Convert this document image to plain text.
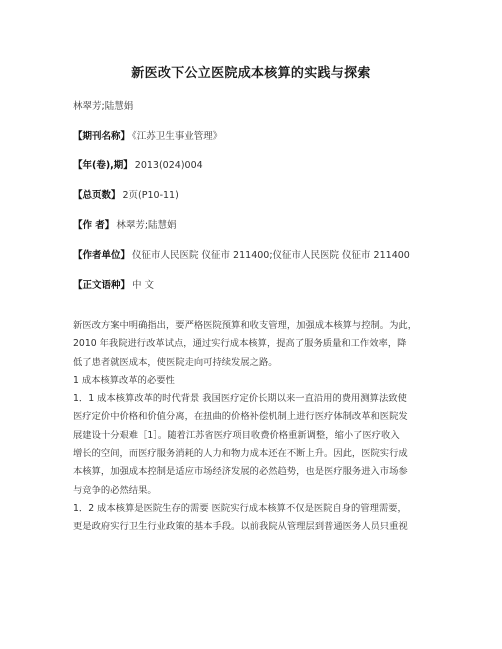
新医改下公立医院成本核算的实践与探索
林翠芳;陆慧娟
【期刊名称】 《江苏卫生事业管理》
【年(卷),期】 2013(024)004
【总页数】 2页(P10-11)
【作 者】 林翠芳;陆慧娟
【作者单位】 仪征市人民医院 仪征市 211400;仪征市人民医院 仪征市 211400
【正文语种】 中 文
新医改方案中明确指出，要严格医院预算和收支管理，加强成本核算与控制。为此，
2010 年我院进行改革试点，通过实行成本核算，提高了服务质量和工作效率，降
低了患者就医成本，使医院走向可持续发展之路。
1 成本核算改革的必要性
1．1 成本核算改革的时代背景 我国医疗定价长期以来一直沿用的费用测算法致使
医疗定价中价格和价值分离，在扭曲的价格补偿机制上进行医疗体制改革和医院发
展建设十分艰难［1］。随着江苏省医疗项目收费价格重新调整，缩小了医疗收入
增长的空间，而医疗服务消耗的人力和物力成本还在不断上升。因此，医院实行成
本核算，加强成本控制是适应市场经济发展的必然趋势，也是医疗服务进入市场参
与竞争的必然结果。
1．2 成本核算是医院生存的需要 医院实行成本核算不仅是医院自身的管理需要，
更是政府实行卫生行业政策的基本手段。以前我院从管理层到普通医务人员只重视
